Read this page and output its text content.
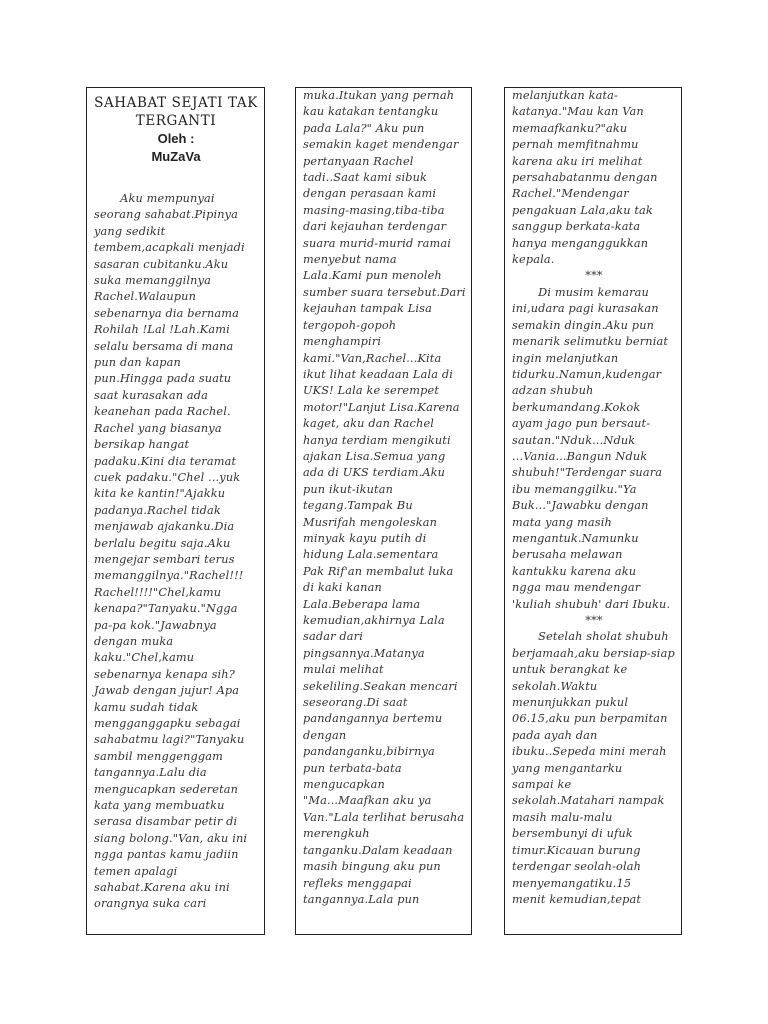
SAHABAT SEJATI TAK
TERGANTI
Oleh :
MuZaVa
Aku mempunyai
seorang sahabat.Pipinya
yang sedikit
tembem,acapkali menjadi
sasaran cubitanku.Aku
suka memanggilnya
Rachel.Walaupun
sebenarnya dia bernama
Rohilah !Lal !Lah.Kami
selalu bersama di mana
pun dan kapan
pun.Hingga pada suatu
saat kurasakan ada
keanehan pada Rachel.
Rachel yang biasanya
bersikap hangat
padaku.Kini dia teramat
cuek padaku."Chel ...yuk
kita ke kantin!"Ajakku
padanya.Rachel tidak
menjawab ajakanku.Dia
berlalu begitu saja.Aku
mengejar sembari terus
memanggilnya."Rachel!!!
Rachel!!!!"Chel,kamu
kenapa?"Tanyaku."Ngga
pa-pa kok."Jawabnya
dengan muka
kaku."Chel,kamu
sebenarnya kenapa sih?
Jawab dengan jujur! Apa
kamu sudah tidak
mengganggapku sebagai
sahabatmu lagi?"Tanyaku
sambil menggenggam
tangannya.Lalu dia
mengucapkan sederetan
kata yang membuatku
serasa disambar petir di
siang bolong."Van, aku ini
ngga pantas kamu jadiin
temen apalagi
sahabat.Karena aku ini
orangnya suka cari
muka.Itukan yang pernah
kau katakan tentangku
pada Lala?" Aku pun
semakin kaget mendengar
pertanyaan Rachel
tadi..Saat kami sibuk
dengan perasaan kami
masing-masing,tiba-tiba
dari kejauhan terdengar
suara murid-murid ramai
menyebut nama
Lala.Kami pun menoleh
sumber suara tersebut.Dari
kejauhan tampak Lisa
tergopoh-gopoh
menghampiri
kami."Van,Rachel...Kita
ikut lihat keadaan Lala di
UKS! Lala ke serempet
motor!"Lanjut Lisa.Karena
kaget, aku dan Rachel
hanya terdiam mengikuti
ajakan Lisa.Semua yang
ada di UKS terdiam.Aku
pun ikut-ikutan
tegang.Tampak Bu
Musrifah mengoleskan
minyak kayu putih di
hidung Lala.sementara
Pak Rif'an membalut luka
di kaki kanan
Lala.Beberapa lama
kemudian,akhirnya Lala
sadar dari
pingsannya.Matanya
mulai melihat
sekeliling.Seakan mencari
seseorang.Di saat
pandangannya bertemu
dengan
pandanganku,bibirnya
pun terbata-bata
mengucapkan
"Ma...Maafkan aku ya
Van."Lala terlihat berusaha
merengkuh
tanganku.Dalam keadaan
masih bingung aku pun
refleks menggapai
tangannya.Lala pun
melanjutkan kata-
katanya."Mau kan Van
memaafkanku?"aku
pernah memfitnahmu
karena aku iri melihat
persahabatanmu dengan
Rachel."Mendengar
pengakuan Lala,aku tak
sanggup berkata-kata
hanya menganggukkan
kepala.
***
Di musim kemarau
ini,udara pagi kurasakan
semakin dingin.Aku pun
menarik selimutku berniat
ingin melanjutkan
tidurku.Namun,kudengar
adzan shubuh
berkumandang.Kokok
ayam jago pun bersaut-
sautan."Nduk...Nduk
...Vania...Bangun Nduk
shubuh!"Terdengar suara
ibu memanggilku."Ya
Buk..."Jawabku dengan
mata yang masih
mengantuk.Namunku
berusaha melawan
kantukku karena aku
ngga mau mendengar
'kuliah shubuh' dari Ibuku.
***
Setelah sholat shubuh
berjamaah,aku bersiap-siap
untuk berangkat ke
sekolah.Waktu
menunjukkan pukul
06.15,aku pun berpamitan
pada ayah dan
ibuku..Sepeda mini merah
yang mengantarku
sampai ke
sekolah.Matahari nampak
masih malu-malu
bersembunyi di ufuk
timur.Kicauan burung
terdengar seolah-olah
menyemangatiku.15
menit kemudian,tepat
